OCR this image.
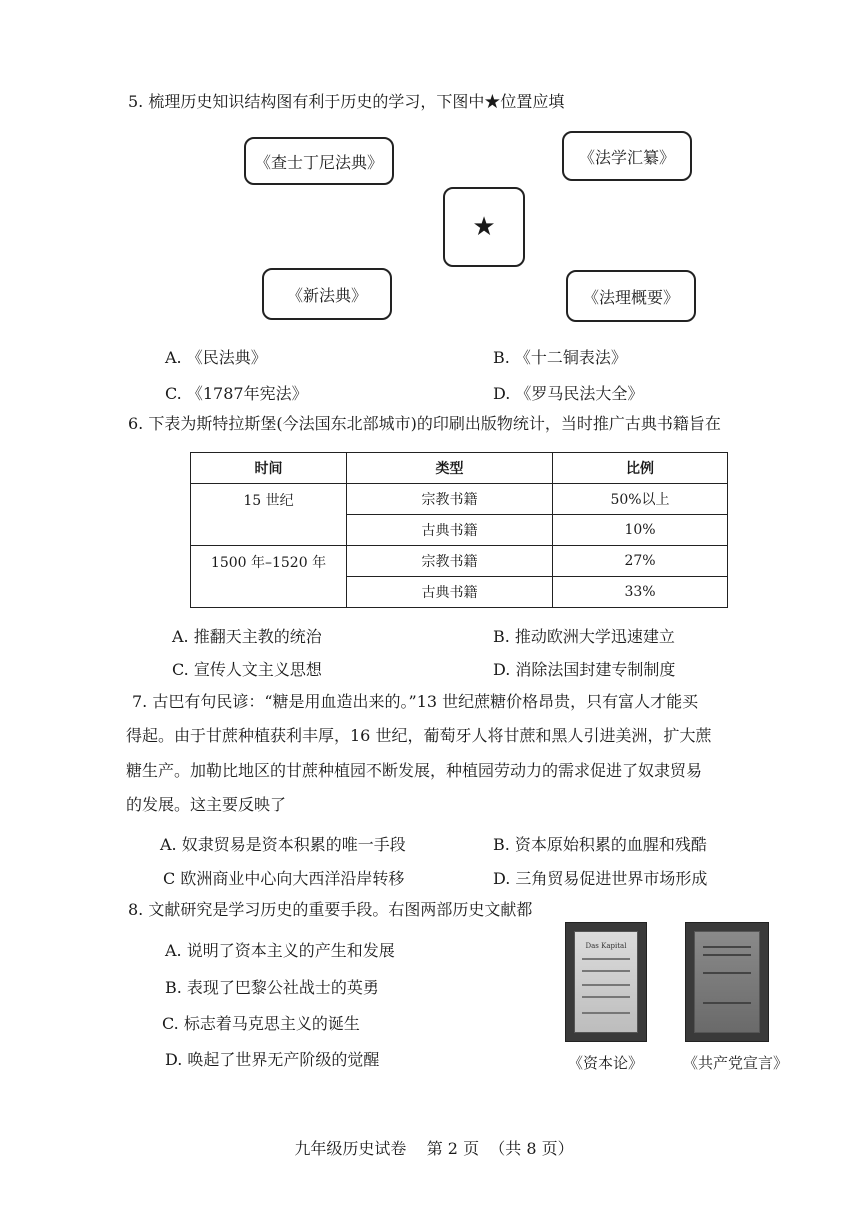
5. 梳理历史知识结构图有利于历史的学习，下图中★位置应填
《查士丁尼法典》	《法学汇纂》
★
《新法典》	《法理概要》
A. 《民法典》	B. 《十二铜表法》
C. 《1787年宪法》	D. 《罗马民法大全》
6. 下表为斯特拉斯堡(今法国东北部城市)的印刷出版物统计，当时推广古典书籍旨在
时间	类型	比例
15 世纪	宗教书籍	50%以上
	古典书籍	10%
1500 年–1520 年	宗教书籍	27%
	古典书籍	33%
A. 推翻天主教的统治	B. 推动欧洲大学迅速建立
C. 宣传人文主义思想	D. 消除法国封建专制制度
7. 古巴有句民谚：“糖是用血造出来的。”13 世纪蔗糖价格昂贵，只有富人才能买
得起。由于甘蔗种植获利丰厚，16 世纪，葡萄牙人将甘蔗和黑人引进美洲，扩大蔗
糖生产。加勒比地区的甘蔗种植园不断发展，种植园劳动力的需求促进了奴隶贸易
的发展。这主要反映了
A. 奴隶贸易是资本积累的唯一手段	B. 资本原始积累的血腥和残酷
C 欧洲商业中心向大西洋沿岸转移	D. 三角贸易促进世界市场形成
8. 文献研究是学习历史的重要手段。右图两部历史文献都
A. 说明了资本主义的产生和发展
B. 表现了巴黎公社战士的英勇
C. 标志着马克思主义的诞生
D. 唤起了世界无产阶级的觉醒
Das Kapital
《资本论》	《共产党宣言》
九年级历史试卷    第 2 页  （共 8 页）
